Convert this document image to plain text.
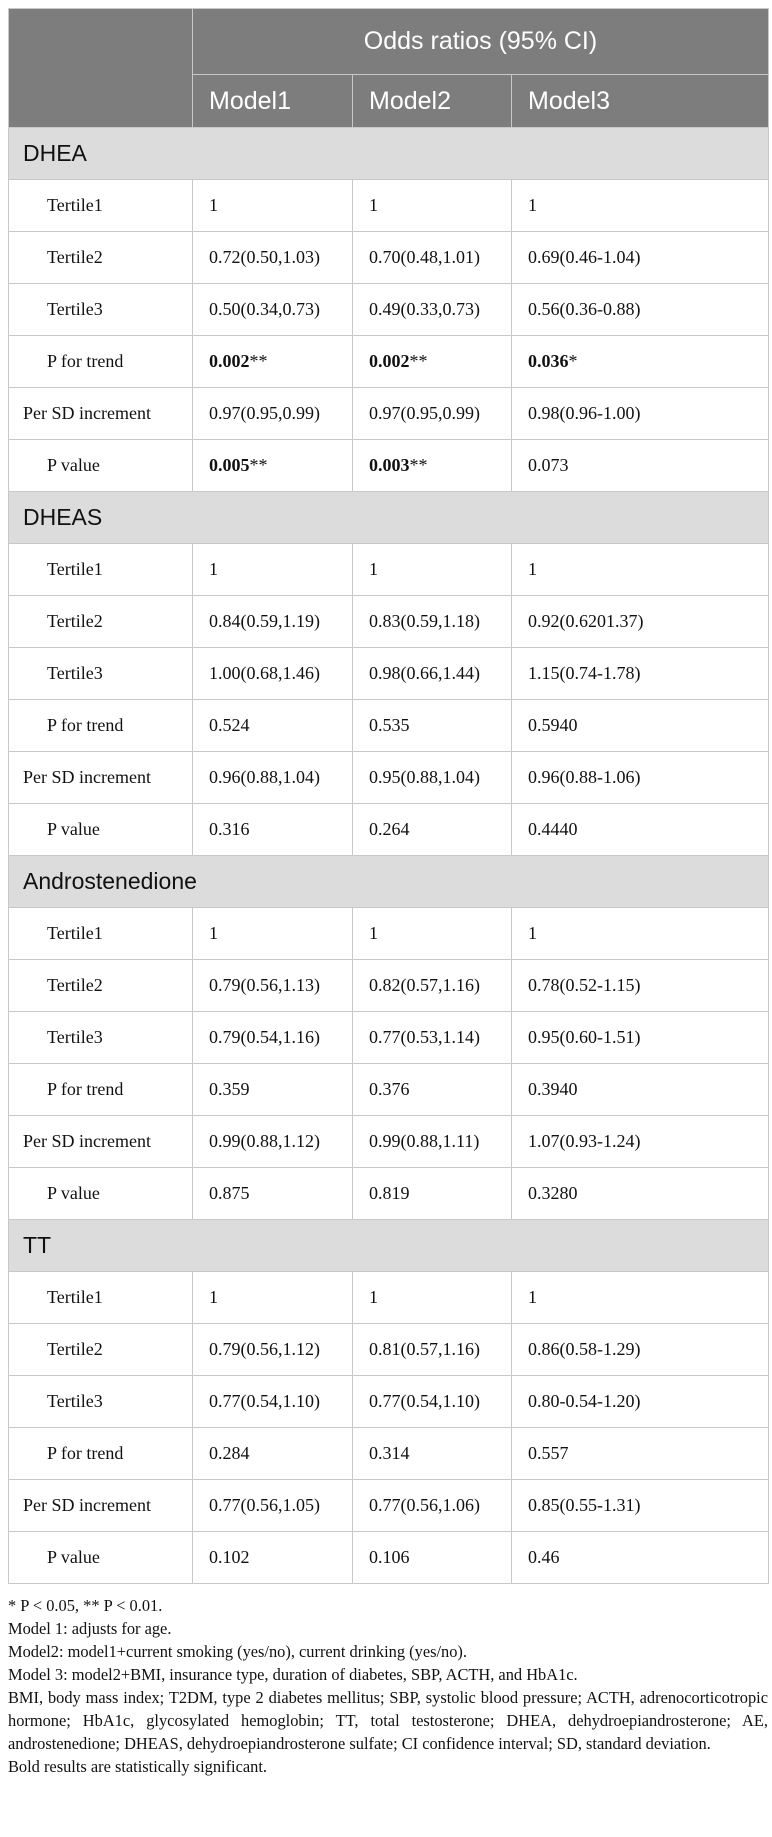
	Odds ratios (95% CI)		
	Model1	Model2	Model3
DHEA			
Tertile1	1	1	1
Tertile2	0.72(0.50,1.03)	0.70(0.48,1.01)	0.69(0.46-1.04)
Tertile3	0.50(0.34,0.73)	0.49(0.33,0.73)	0.56(0.36-0.88)
P for trend	0.002**	0.002**	0.036*
Per SD increment	0.97(0.95,0.99)	0.97(0.95,0.99)	0.98(0.96-1.00)
P value	0.005**	0.003**	0.073
DHEAS			
Tertile1	1	1	1
Tertile2	0.84(0.59,1.19)	0.83(0.59,1.18)	0.92(0.6201.37)
Tertile3	1.00(0.68,1.46)	0.98(0.66,1.44)	1.15(0.74-1.78)
P for trend	0.524	0.535	0.5940
Per SD increment	0.96(0.88,1.04)	0.95(0.88,1.04)	0.96(0.88-1.06)
P value	0.316	0.264	0.4440
Androstenedione			
Tertile1	1	1	1
Tertile2	0.79(0.56,1.13)	0.82(0.57,1.16)	0.78(0.52-1.15)
Tertile3	0.79(0.54,1.16)	0.77(0.53,1.14)	0.95(0.60-1.51)
P for trend	0.359	0.376	0.3940
Per SD increment	0.99(0.88,1.12)	0.99(0.88,1.11)	1.07(0.93-1.24)
P value	0.875	0.819	0.3280
TT			
Tertile1	1	1	1
Tertile2	0.79(0.56,1.12)	0.81(0.57,1.16)	0.86(0.58-1.29)
Tertile3	0.77(0.54,1.10)	0.77(0.54,1.10)	0.80-0.54-1.20)
P for trend	0.284	0.314	0.557
Per SD increment	0.77(0.56,1.05)	0.77(0.56,1.06)	0.85(0.55-1.31)
P value	0.102	0.106	0.46
* P < 0.05, ** P < 0.01.
Model 1: adjusts for age.
Model2: model1+current smoking (yes/no), current drinking (yes/no).
Model 3: model2+BMI, insurance type, duration of diabetes, SBP, ACTH, and HbA1c.
BMI, body mass index; T2DM, type 2 diabetes mellitus; SBP, systolic blood pressure; ACTH, adrenocorticotropic hormone; HbA1c, glycosylated hemoglobin; TT, total testosterone; DHEA, dehydroepiandrosterone; AE, androstenedione; DHEAS, dehydroepiandrosterone sulfate; CI confidence interval; SD, standard deviation.
Bold results are statistically significant.
